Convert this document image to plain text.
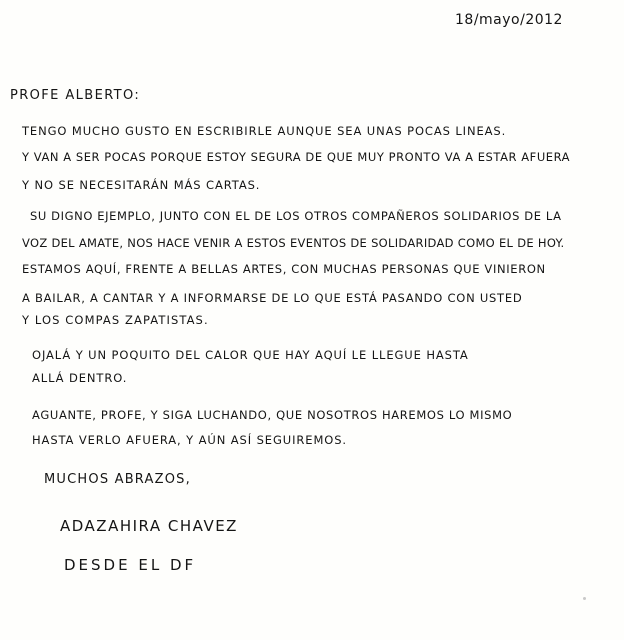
18/mayo/2012
PROFE ALBERTO:
TENGO MUCHO GUSTO EN ESCRIBIRLE AUNQUE SEA UNAS POCAS LINEAS.
Y VAN A SER POCAS PORQUE ESTOY SEGURA DE QUE MUY PRONTO VA A ESTAR AFUERA
Y NO SE NECESITARÁN MÁS CARTAS.
SU DIGNO EJEMPLO, JUNTO CON EL DE LOS OTROS COMPAÑEROS SOLIDARIOS DE LA
VOZ DEL AMATE, NOS HACE VENIR A ESTOS EVENTOS DE SOLIDARIDAD COMO EL DE HOY.
ESTAMOS AQUÍ, FRENTE A BELLAS ARTES, CON MUCHAS PERSONAS QUE VINIERON
A BAILAR, A CANTAR Y A INFORMARSE DE LO QUE ESTÁ PASANDO CON USTED
Y LOS COMPAS ZAPATISTAS.
OJALÁ Y UN POQUITO DEL CALOR QUE HAY AQUÍ LE LLEGUE HASTA
ALLÁ DENTRO.
AGUANTE, PROFE, Y SIGA LUCHANDO, QUE NOSOTROS HAREMOS LO MISMO
HASTA VERLO AFUERA, Y AÚN ASÍ SEGUIREMOS.
MUCHOS ABRAZOS,
ADAZAHIRA CHAVEZ
DESDE EL DF
